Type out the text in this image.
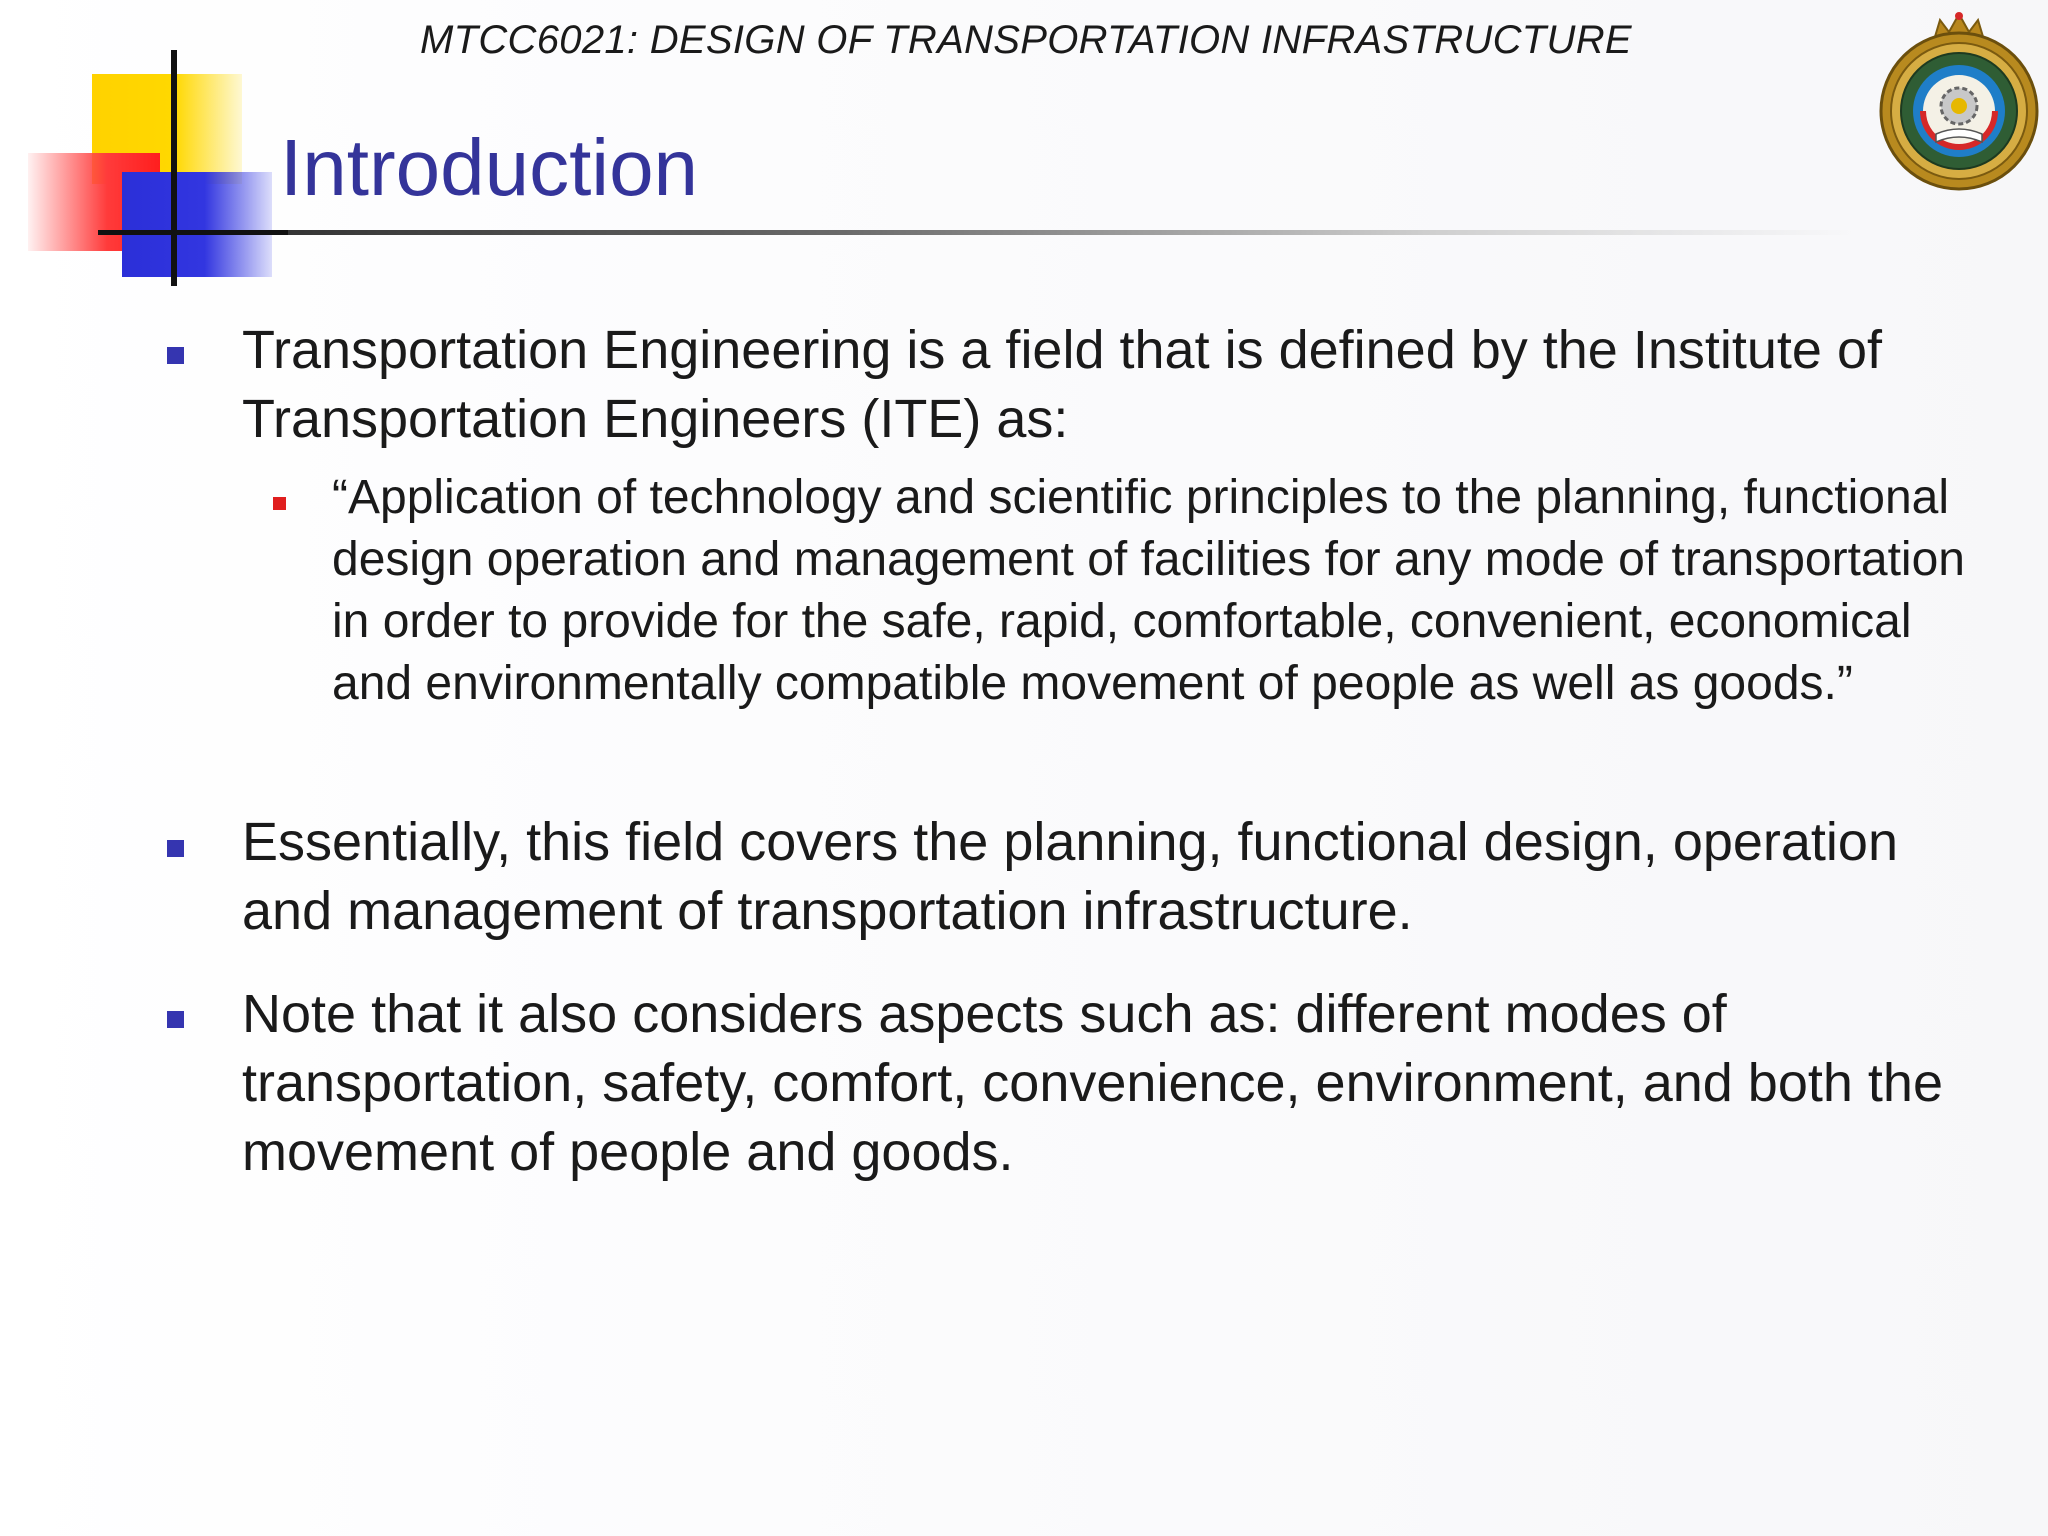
MTCC6021: DESIGN OF TRANSPORTATION INFRASTRUCTURE
Introduction
Transportation Engineering is a field that is defined by the Institute of Transportation Engineers (ITE) as:
“Application of technology and scientific principles to the planning, functional design operation and management of facilities for any mode of transportation in order to provide for the safe, rapid, comfortable, convenient, economical and environmentally compatible movement of people as well as goods.”
Essentially, this field covers the planning, functional design, operation and management of transportation infrastructure.
Note that it also considers aspects such as: different modes of transportation, safety, comfort, convenience, environment, and both the movement of people and goods.
